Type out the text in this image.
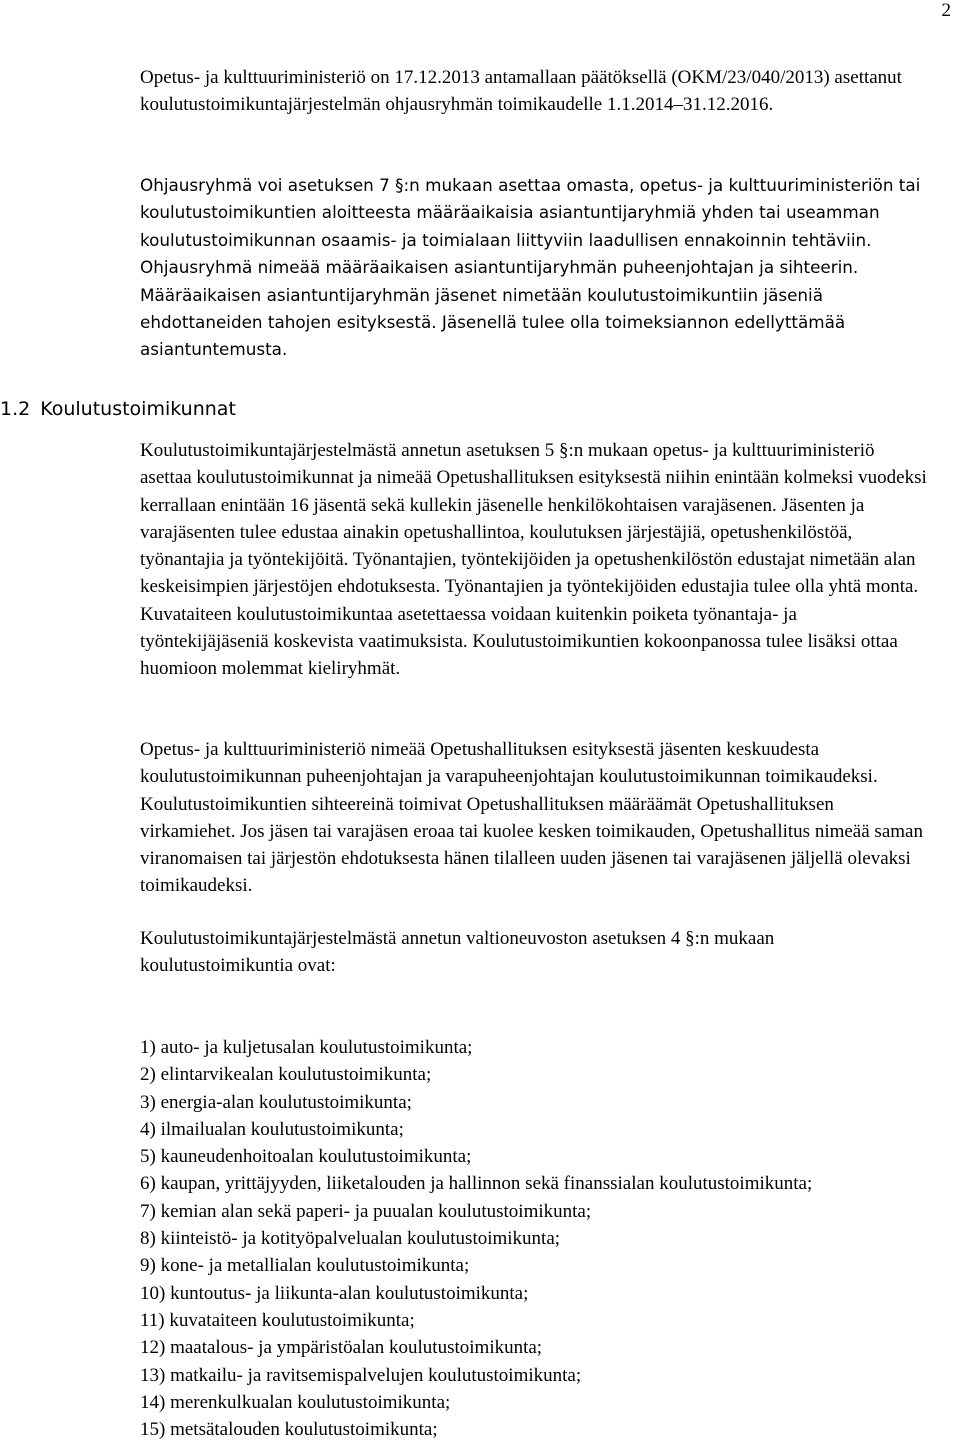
2

Opetus- ja kulttuuriministeriö on 17.12.2013 antamallaan päätöksellä (OKM/23/040/2013) asettanut koulutustoimikuntajärjestelmän ohjausryhmän toimikaudelle 1.1.2014–31.12.2016.

Ohjausryhmä voi asetuksen 7 §:n mukaan asettaa omasta, opetus- ja kulttuuriministeriön tai koulutustoimikuntien aloitteesta määräaikaisia asiantuntijaryhmiä yhden tai useamman koulutustoimikunnan osaamis- ja toimialaan liittyviin laadullisen ennakoinnin tehtäviin. Ohjausryhmä nimeää määräaikaisen asiantuntijaryhmän puheenjohtajan ja sihteerin. Määräaikaisen asiantuntijaryhmän jäsenet nimetään koulutustoimikuntiin jäseniä ehdottaneiden tahojen esityksestä. Jäsenellä tulee olla toimeksiannon edellyttämää asiantuntemusta.

1.2 Koulutustoimikunnat

Koulutustoimikuntajärjestelmästä annetun asetuksen 5 §:n mukaan opetus- ja kulttuuriministeriö asettaa koulutustoimikunnat ja nimeää Opetushallituksen esityksestä niihin enintään kolmeksi vuodeksi kerrallaan enintään 16 jäsentä sekä kullekin jäsenelle henkilökohtaisen varajäsenen. Jäsenten ja varajäsenten tulee edustaa ainakin opetushallintoa, koulutuksen järjestäjiä, opetushenkilöstöä, työnantajia ja työntekijöitä. Työnantajien, työntekijöiden ja opetushenkilöstön edustajat nimetään alan keskeisimpien järjestöjen ehdotuksesta. Työnantajien ja työntekijöiden edustajia tulee olla yhtä monta. Kuvataiteen koulutustoimikuntaa asetettaessa voidaan kuitenkin poiketa työnantaja- ja työntekijäjäseniä koskevista vaatimuksista. Koulutustoimikuntien kokoonpanossa tulee lisäksi ottaa huomioon molemmat kieliryhmät.

Opetus- ja kulttuuriministeriö nimeää Opetushallituksen esityksestä jäsenten keskuudesta koulutustoimikunnan puheenjohtajan ja varapuheenjohtajan koulutustoimikunnan toimikaudeksi. Koulutustoimikuntien sihteereinä toimivat Opetushallituksen määräämät Opetushallituksen virkamiehet. Jos jäsen tai varajäsen eroaa tai kuolee kesken toimikauden, Opetushallitus nimeää saman viranomaisen tai järjestön ehdotuksesta hänen tilalleen uuden jäsenen tai varajäsenen jäljellä olevaksi toimikaudeksi.

Koulutustoimikuntajärjestelmästä annetun valtioneuvoston asetuksen 4 §:n mukaan koulutustoimikuntia ovat:

1) auto- ja kuljetusalan koulutustoimikunta;
2) elintarvikealan koulutustoimikunta;
3) energia-alan koulutustoimikunta;
4) ilmailualan koulutustoimikunta;
5) kauneudenhoitoalan koulutustoimikunta;
6) kaupan, yrittäjyyden, liiketalouden ja hallinnon sekä finanssialan koulutustoimikunta;
7) kemian alan sekä paperi- ja puualan koulutustoimikunta;
8) kiinteistö- ja kotityöpalvelualan koulutustoimikunta;
9) kone- ja metallialan koulutustoimikunta;
10) kuntoutus- ja liikunta-alan koulutustoimikunta;
11) kuvataiteen koulutustoimikunta;
12) maatalous- ja ympäristöalan koulutustoimikunta;
13) matkailu- ja ravitsemispalvelujen koulutustoimikunta;
14) merenkulkualan koulutustoimikunta;
15) metsätalouden koulutustoimikunta;
